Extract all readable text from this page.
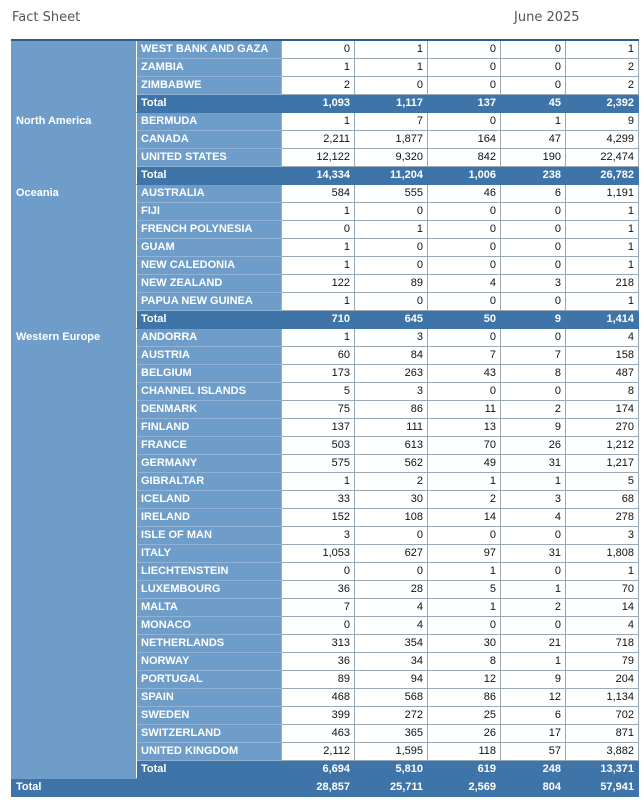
Fact Sheet	June 2025
	WEST BANK AND GAZA	0	1	0	0	1
	ZAMBIA	1	1	0	0	2
	ZIMBABWE	2	0	0	0	2
	Total	1,093	1,117	137	45	2,392
North America	BERMUDA	1	7	0	1	9
	CANADA	2,211	1,877	164	47	4,299
	UNITED STATES	12,122	9,320	842	190	22,474
	Total	14,334	11,204	1,006	238	26,782
Oceania	AUSTRALIA	584	555	46	6	1,191
	FIJI	1	0	0	0	1
	FRENCH POLYNESIA	0	1	0	0	1
	GUAM	1	0	0	0	1
	NEW CALEDONIA	1	0	0	0	1
	NEW ZEALAND	122	89	4	3	218
	PAPUA NEW GUINEA	1	0	0	0	1
	Total	710	645	50	9	1,414
Western Europe	ANDORRA	1	3	0	0	4
	AUSTRIA	60	84	7	7	158
	BELGIUM	173	263	43	8	487
	CHANNEL ISLANDS	5	3	0	0	8
	DENMARK	75	86	11	2	174
	FINLAND	137	111	13	9	270
	FRANCE	503	613	70	26	1,212
	GERMANY	575	562	49	31	1,217
	GIBRALTAR	1	2	1	1	5
	ICELAND	33	30	2	3	68
	IRELAND	152	108	14	4	278
	ISLE OF MAN	3	0	0	0	3
	ITALY	1,053	627	97	31	1,808
	LIECHTENSTEIN	0	0	1	0	1
	LUXEMBOURG	36	28	5	1	70
	MALTA	7	4	1	2	14
	MONACO	0	4	0	0	4
	NETHERLANDS	313	354	30	21	718
	NORWAY	36	34	8	1	79
	PORTUGAL	89	94	12	9	204
	SPAIN	468	568	86	12	1,134
	SWEDEN	399	272	25	6	702
	SWITZERLAND	463	365	26	17	871
	UNITED KINGDOM	2,112	1,595	118	57	3,882
	Total	6,694	5,810	619	248	13,371
Total		28,857	25,711	2,569	804	57,941
